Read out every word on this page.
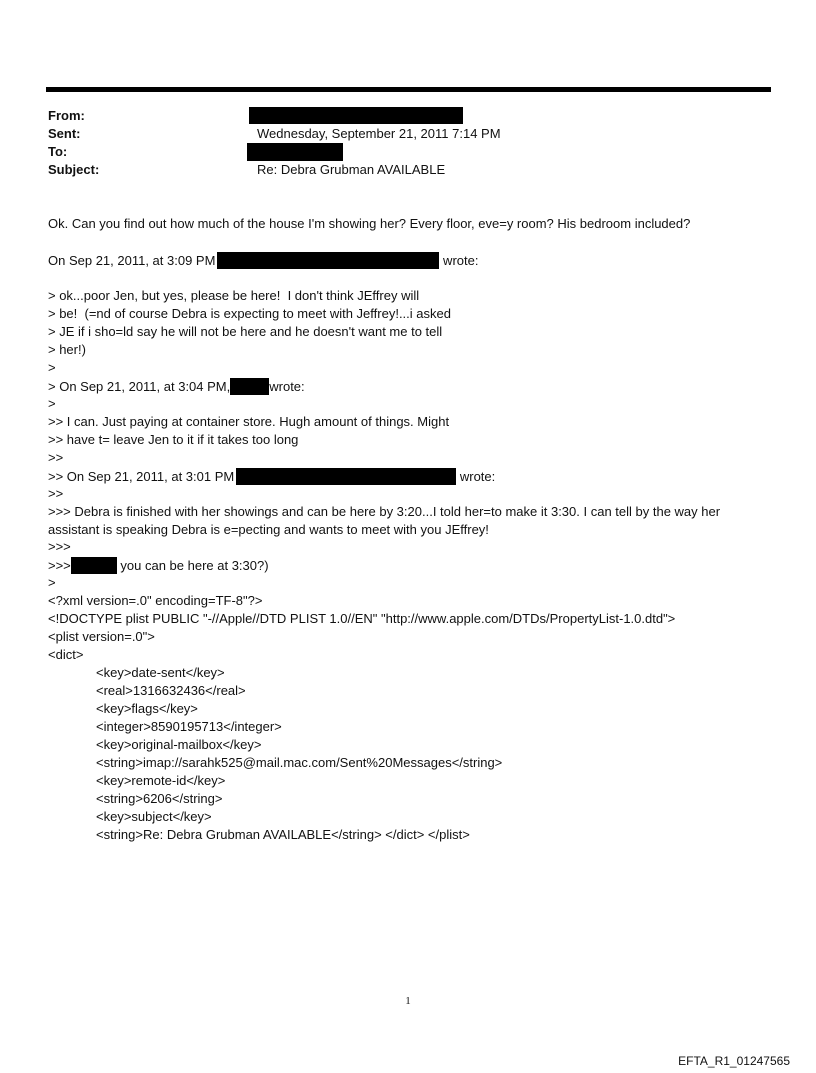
From:
Sent:	Wednesday, September 21, 2011 7:14 PM
To:
Subject:	Re: Debra Grubman AVAILABLE
Ok. Can you find out how much of the house I'm showing her? Every floor, eve=y room? His bedroom included?
On Sep 21, 2011, at 3:09 PM	wrote:
> ok...poor Jen, but yes, please be here!  I don't think JEffrey will
> be!  (=nd of course Debra is expecting to meet with Jeffrey!...i asked
> JE if i sho=ld say he will not be here and he doesn't want me to tell
> her!)
>
> On Sep 21, 2011, at 3:04 PM,	wrote:
>
>> I can. Just paying at container store. Hugh amount of things. Might
>> have t= leave Jen to it if it takes too long
>>
>> On Sep 21, 2011, at 3:01 PM	wrote:
>>
>>> Debra is finished with her showings and can be here by 3:20...I told her=to make it 3:30. I can tell by the way her assistant is speaking Debra is e=pecting and wants to meet with you JEffrey!
>>>
>>>	you can be here at 3:30?)
>
<?xml version=.0" encoding=TF-8"?>
<!DOCTYPE plist PUBLIC "-//Apple//DTD PLIST 1.0//EN" "http://www.apple.com/DTDs/PropertyList-1.0.dtd">
<plist version=.0">
<dict>
<key>date-sent</key>
<real>1316632436</real>
<key>flags</key>
<integer>8590195713</integer>
<key>original-mailbox</key>
<string>imap://sarahk525@mail.mac.com/Sent%20Messages</string>
<key>remote-id</key>
<string>6206</string>
<key>subject</key>
<string>Re: Debra Grubman AVAILABLE</string> </dict> </plist>
1
EFTA_R1_01247565
